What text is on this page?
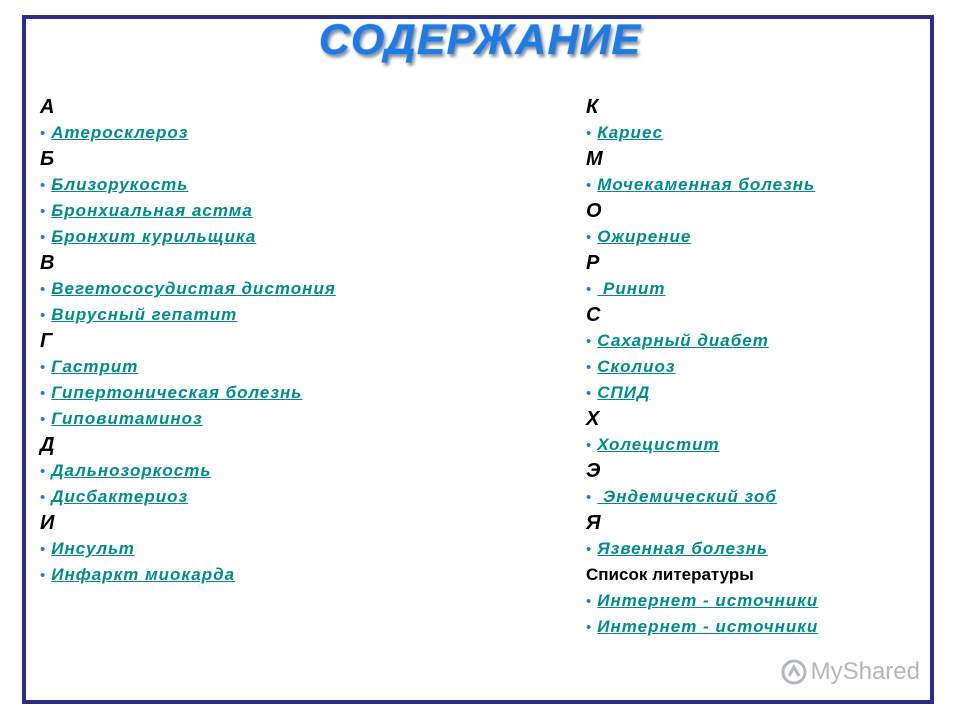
СОДЕРЖАНИЕ
А
• Атеросклероз
Б
• Близорукость
• Бронхиальная астма
• Бронхит курильщика
В
• Вегетососудистая дистония
• Вирусный гепатит
Г
• Гастрит
• Гипертоническая болезнь
• Гиповитаминоз
Д
• Дальнозоркость
• Дисбактериоз
И
• Инсульт
• Инфаркт миокарда
К
• Кариес
М
• Мочекаменная болезнь
О
• Ожирение
Р
• Ринит
С
• Сахарный диабет
• Сколиоз
• СПИД
Х
• Холецистит
Э
• Эндемический зоб
Я
• Язвенная болезнь
Список литературы
• Интернет - источники
• Интернет - источники
MyShared
